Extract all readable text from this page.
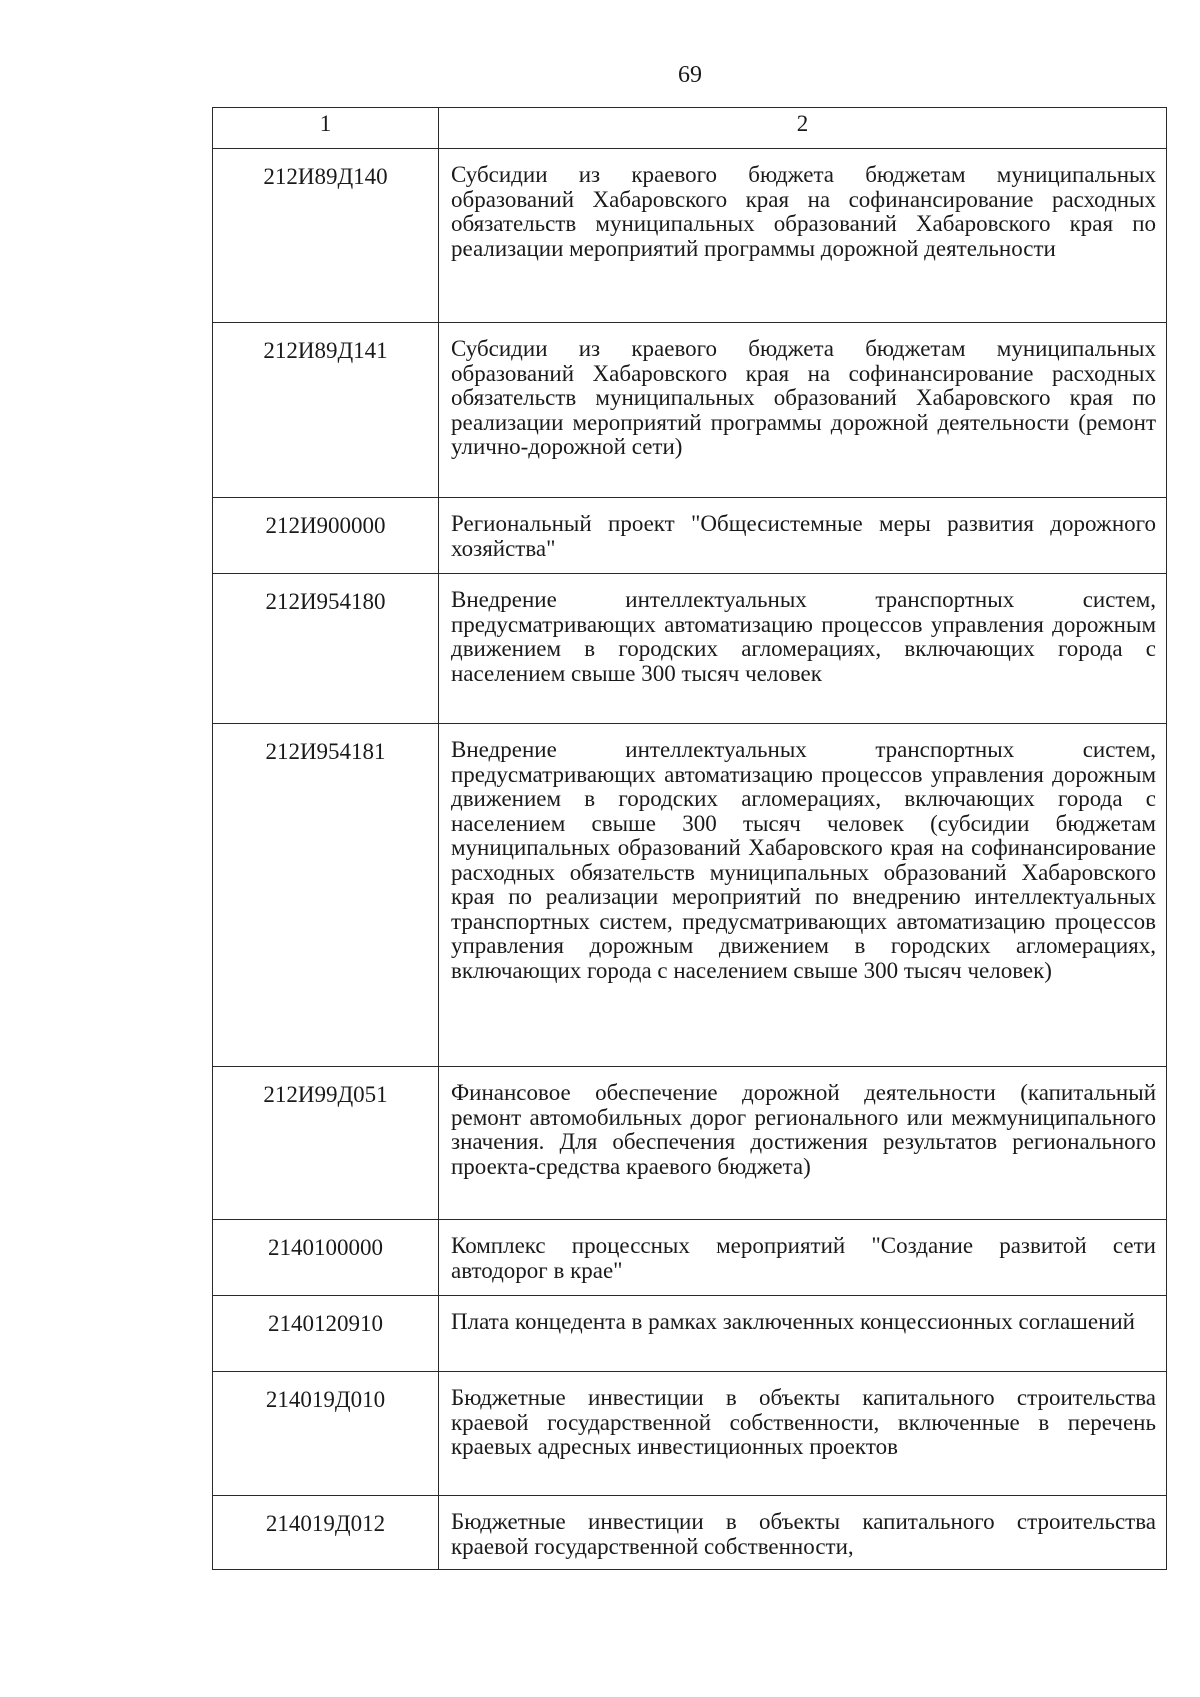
69
1	2
212И89Д140	Субсидии из краевого бюджета бюджетам муниципальных образований Хабаровского края на софинансирование расходных обязательств муниципальных образований Хабаровского края по реализации мероприятий программы дорожной деятельности
212И89Д141	Субсидии из краевого бюджета бюджетам муниципальных образований Хабаровского края на софинансирование расходных обязательств муниципальных образований Хабаровского края по реализации мероприятий программы дорожной деятельности (ремонт улично-дорожной сети)
212И900000	Региональный проект "Общесистемные меры развития дорожного хозяйства"
212И954180	Внедрение интеллектуальных транспортных систем, предусматривающих автоматизацию процессов управления дорожным движением в городских агломерациях, включающих города с населением свыше 300 тысяч человек
212И954181	Внедрение интеллектуальных транспортных систем, предусматривающих автоматизацию процессов управления дорожным движением в городских агломерациях, включающих города с населением свыше 300 тысяч человек (субсидии бюджетам муниципальных образований Хабаровского края на софинансирование расходных обязательств муниципальных образований Хабаровского края по реализации мероприятий по внедрению интеллектуальных транспортных систем, предусматривающих автоматизацию процессов управления дорожным движением в городских агломерациях, включающих города с населением свыше 300 тысяч человек)
212И99Д051	Финансовое обеспечение дорожной деятельности (капитальный ремонт автомобильных дорог регионального или межмуниципального значения. Для обеспечения достижения результатов регионального проекта-средства краевого бюджета)
2140100000	Комплекс процессных мероприятий "Создание развитой сети автодорог в крае"
2140120910	Плата концедента в рамках заключенных концессионных соглашений
214019Д010	Бюджетные инвестиции в объекты капитального строительства краевой государственной собственности, включенные в перечень краевых адресных инвестиционных проектов
214019Д012	Бюджетные инвестиции в объекты капитального строительства краевой государственной собственности,
